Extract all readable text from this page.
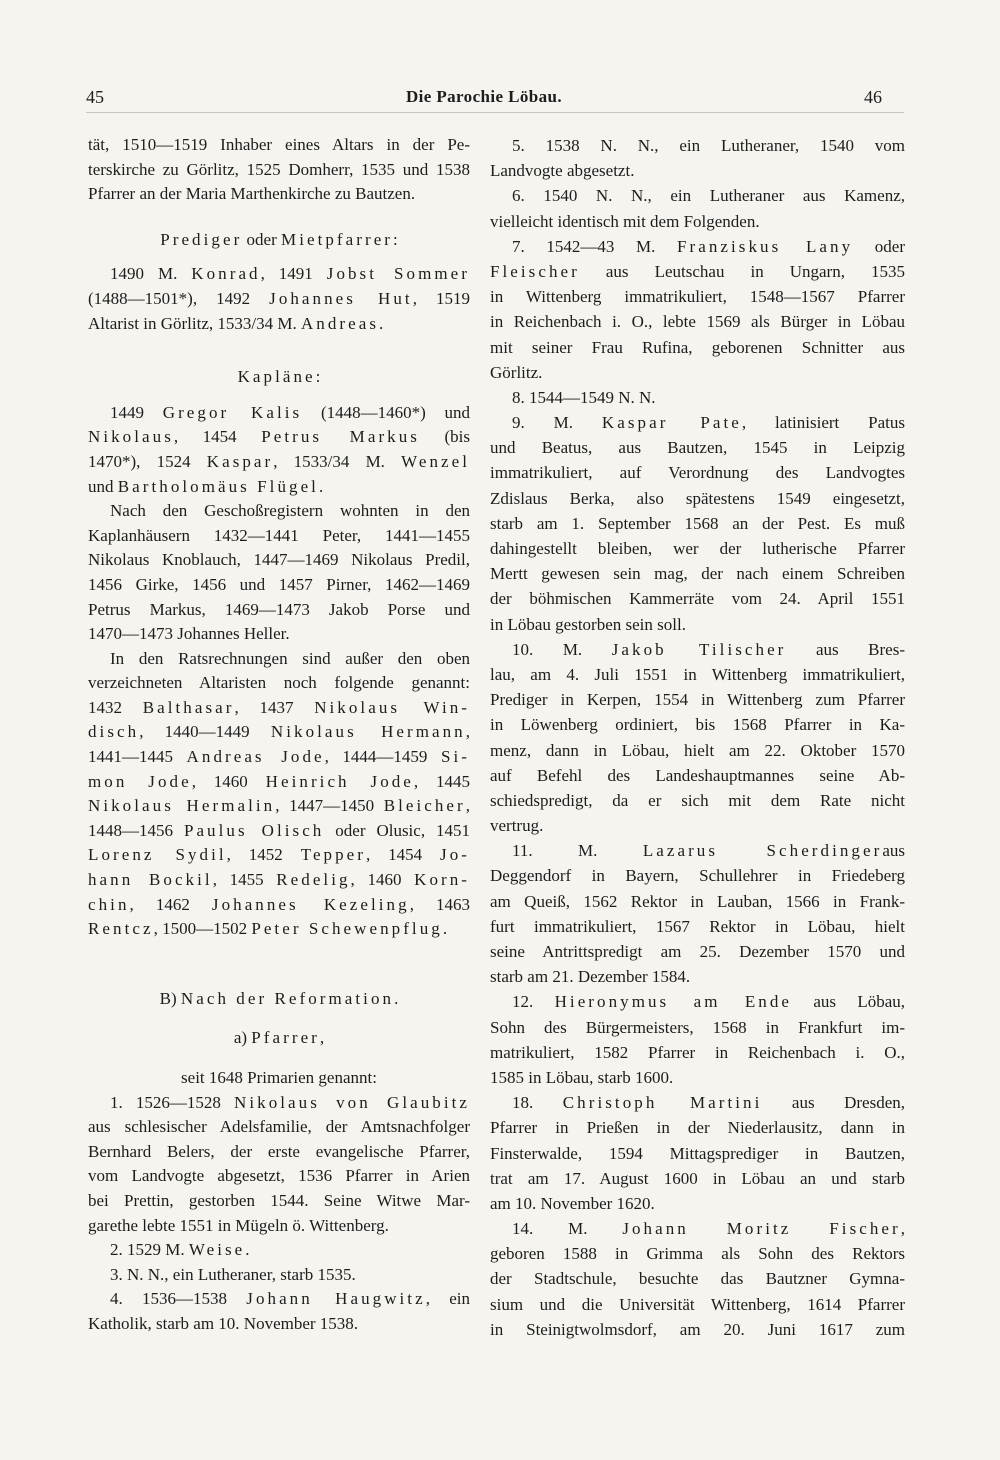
45	Die Parochie Löbau.	46
tät, 1510—1519 Inhaber eines Altars in der Pe-
terskirche zu Görlitz, 1525 Domherr, 1535 und 1538
Pfarrer an der Maria Marthenkirche zu Bautzen.
Prediger oder Mietpfarrer:
1490 M. Konrad, 1491 Jobst Sommer
(1488—1501*), 1492 Johannes Hut, 1519
Altarist in Görlitz, 1533/34 M. Andreas.
Kapläne:
1449 Gregor Kalis (1448—1460*) und
Nikolaus, 1454 Petrus Markus (bis
1470*), 1524 Kaspar, 1533/34 M. Wenzel
und Bartholomäus Flügel.
Nach den Geschoßregistern wohnten in den
Kaplanhäusern 1432—1441 Peter, 1441—1455
Nikolaus Knoblauch, 1447—1469 Nikolaus Predil,
1456 Girke, 1456 und 1457 Pirner, 1462—1469
Petrus Markus, 1469—1473 Jakob Porse und
1470—1473 Johannes Heller.
In den Ratsrechnungen sind außer den oben
verzeichneten Altaristen noch folgende genannt:
1432 Balthasar, 1437 Nikolaus Win-
disch, 1440—1449 Nikolaus Hermann,
1441—1445 Andreas Jode, 1444—1459 Si-
mon Jode, 1460 Heinrich Jode, 1445
Nikolaus Hermalin, 1447—1450 Bleicher,
1448—1456 Paulus Olisch oder Olusic, 1451
Lorenz Sydil, 1452 Tepper, 1454 Jo-
hann Bockil, 1455 Redelig, 1460 Korn-
chin, 1462 Johannes Kezeling, 1463
Rentcz, 1500—1502 Peter Schewenpflug.
B) Nach der Reformation.
a) Pfarrer,
seit 1648 Primarien genannt:
1. 1526—1528 Nikolaus von Glaubitz
aus schlesischer Adelsfamilie, der Amtsnachfolger
Bernhard Belers, der erste evangelische Pfarrer,
vom Landvogte abgesetzt, 1536 Pfarrer in Arien
bei Prettin, gestorben 1544. Seine Witwe Mar-
garethe lebte 1551 in Mügeln ö. Wittenberg.
2. 1529 M. Weise.
3. N. N., ein Lutheraner, starb 1535.
4. 1536—1538 Johann Haugwitz, ein
Katholik, starb am 10. November 1538.
5. 1538 N. N., ein Lutheraner, 1540 vom
Landvogte abgesetzt.
6. 1540 N. N., ein Lutheraner aus Kamenz,
vielleicht identisch mit dem Folgenden.
7. 1542—43 M. Franziskus Lany oder
Fleischer aus Leutschau in Ungarn, 1535
in Wittenberg immatrikuliert, 1548—1567 Pfarrer
in Reichenbach i. O., lebte 1569 als Bürger in Löbau
mit seiner Frau Rufina, geborenen Schnitter aus
Görlitz.
8. 1544—1549 N. N.
9. M. Kaspar Pate, latinisiert Patus
und Beatus, aus Bautzen, 1545 in Leipzig
immatrikuliert, auf Verordnung des Landvogtes
Zdislaus Berka, also spätestens 1549 eingesetzt,
starb am 1. September 1568 an der Pest. Es muß
dahingestellt bleiben, wer der lutherische Pfarrer
Mertt gewesen sein mag, der nach einem Schreiben
der böhmischen Kammerräte vom 24. April 1551
in Löbau gestorben sein soll.
10. M. Jakob Tilischer aus Bres-
lau, am 4. Juli 1551 in Wittenberg immatrikuliert,
Prediger in Kerpen, 1554 in Wittenberg zum Pfarrer
in Löwenberg ordiniert, bis 1568 Pfarrer in Ka-
menz, dann in Löbau, hielt am 22. Oktober 1570
auf Befehl des Landeshauptmannes seine Ab-
schiedspredigt, da er sich mit dem Rate nicht
vertrug.
11. M. Lazarus Scherdingeraus
Deggendorf in Bayern, Schullehrer in Friedeberg
am Queiß, 1562 Rektor in Lauban, 1566 in Frank-
furt immatrikuliert, 1567 Rektor in Löbau, hielt
seine Antrittspredigt am 25. Dezember 1570 und
starb am 21. Dezember 1584.
12. Hieronymus am Ende aus Löbau,
Sohn des Bürgermeisters, 1568 in Frankfurt im-
matrikuliert, 1582 Pfarrer in Reichenbach i. O.,
1585 in Löbau, starb 1600.
18. Christoph Martini aus Dresden,
Pfarrer in Prießen in der Niederlausitz, dann in
Finsterwalde, 1594 Mittagsprediger in Bautzen,
trat am 17. August 1600 in Löbau an und starb
am 10. November 1620.
14. M. Johann Moritz Fischer,
geboren 1588 in Grimma als Sohn des Rektors
der Stadtschule, besuchte das Bautzner Gymna-
sium und die Universität Wittenberg, 1614 Pfarrer
in Steinigtwolmsdorf, am 20. Juni 1617 zum
